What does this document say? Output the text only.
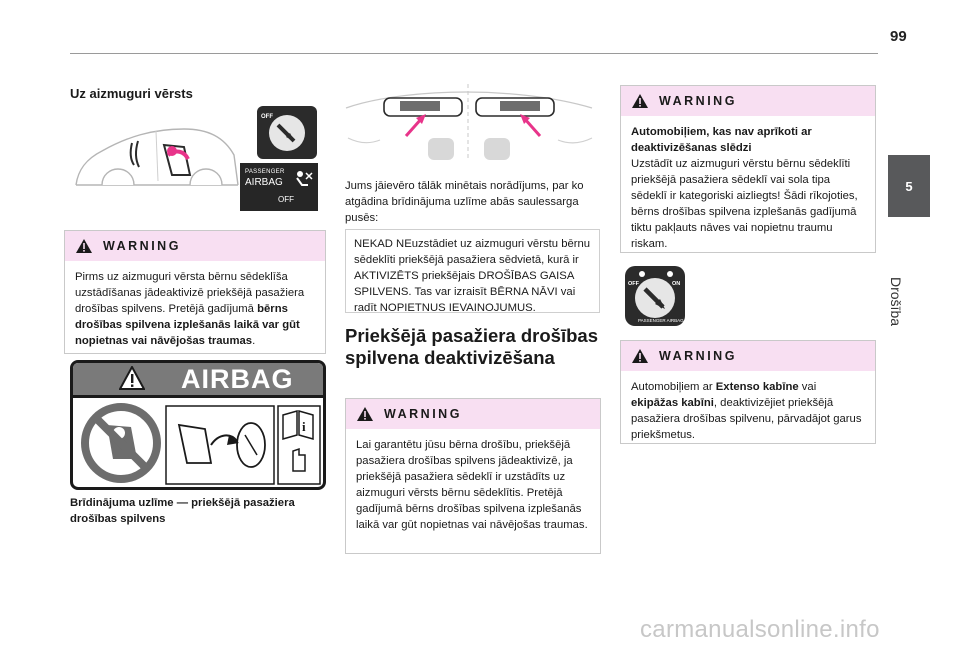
99
5
Drošība
Uz aizmuguri vērsts
OFF
PASSENGER
AIRBAG
OFF
WARNING
Pirms uz aizmuguri vērsta bērnu sēdeklīša uzstādīšanas jādeaktivizē priekšējā pasažiera drošības spilvens. Pretējā gadījumā bērns drošības spilvena izplešanās laikā var gūt nopietnas vai nāvējošas traumas.
AIRBAG
i
Brīdinājuma uzlīme — priekšējā pasažiera drošības spilvens
Jums jāievēro tālāk minētais norādījums, par ko atgādina brīdinājuma uzlīme abās saulessarga pusēs:
NEKAD NEuzstādiet uz aizmuguri vērstu bērnu sēdeklīti priekšējā pasažiera sēdvietā, kurā ir AKTIVIZĒTS priekšējais DROŠĪBAS GAISA SPILVENS. Tas var izraisīt BĒRNA NĀVI vai radīt NOPIETNUS IEVAINOJUMUS.
Priekšējā pasažiera drošības spilvena deaktivizēšana
WARNING
Lai garantētu jūsu bērna drošību, priekšējā pasažiera drošības spilvens jādeaktivizē, ja priekšējā pasažiera sēdeklī ir uzstādīts uz aizmuguri vērsts bērnu sēdeklītis. Pretējā gadījumā bērns drošības spilvena izplešanās laikā var gūt nopietnas vai nāvējošas traumas.
WARNING
Automobiļiem, kas nav aprīkoti ar deaktivizēšanas slēdzi
Uzstādīt uz aizmuguri vērstu bērnu sēdeklīti priekšējā pasažiera sēdeklī vai sola tipa sēdeklī ir kategoriski aizliegts! Šādi rīkojoties, bērns drošības spilvena izplešanās gadījumā tiktu pakļauts nāves vai nopietnu traumu riskam.
OFF	ON
PASSENGER AIRBAG
WARNING
Automobiļiem ar Extenso kabīne vai ekipāžas kabīni, deaktivizējiet priekšējā pasažiera drošības spilvenu, pārvadājot garus priekšmetus.
carmanualsonline.info
